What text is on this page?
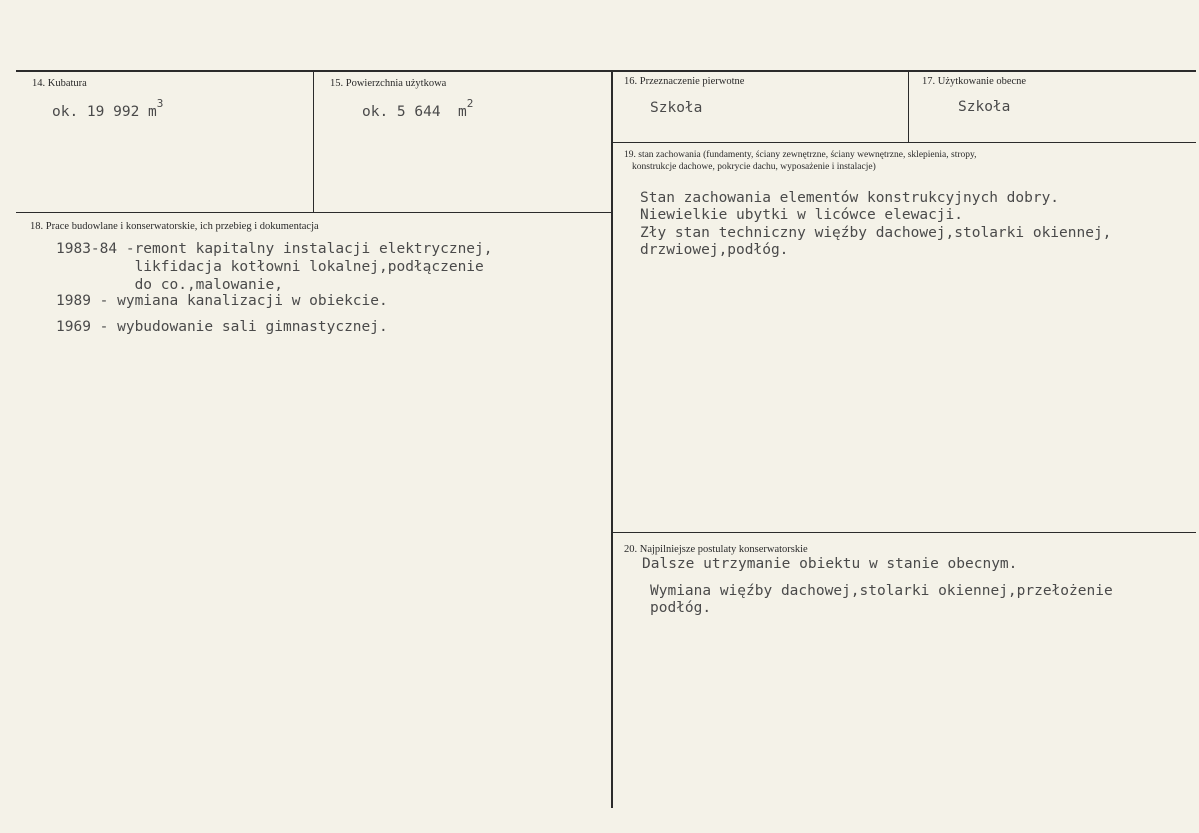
14. Kubatura
ok. 19 992 $m^3$
15. Powierzchnia użytkowa
ok. 5 644  $m^2$
16. Przeznaczenie pierwotne
Szkoła
17. Użytkowanie obecne
Szkoła
18. Prace budowlane i konserwatorskie, ich przebieg i dokumentacja
1983-84 -remont kapitalny instalacji elektrycznej,
likfidacja kotłowni lokalnej,podłączenie
do co.,malowanie,
1989 - wymiana kanalizacji w obiekcie.
1969 - wybudowanie sali gimnastycznej.
19. stan zachowania (fundamenty, ściany zewnętrzne, ściany wewnętrzne, sklepienia, stropy,
konstrukcje dachowe, pokrycie dachu, wyposażenie i instalacje)
Stan zachowania elementów konstrukcyjnych dobry.
Niewielkie ubytki w licówce elewacji.
Zły stan techniczny więźby dachowej,stolarki okiennej,
drzwiowej,podłóg.
20. Najpilniejsze postulaty konserwatorskie
Dalsze utrzymanie obiektu w stanie obecnym.
Wymiana więźby dachowej,stolarki okiennej,przełożenie
podłóg.
